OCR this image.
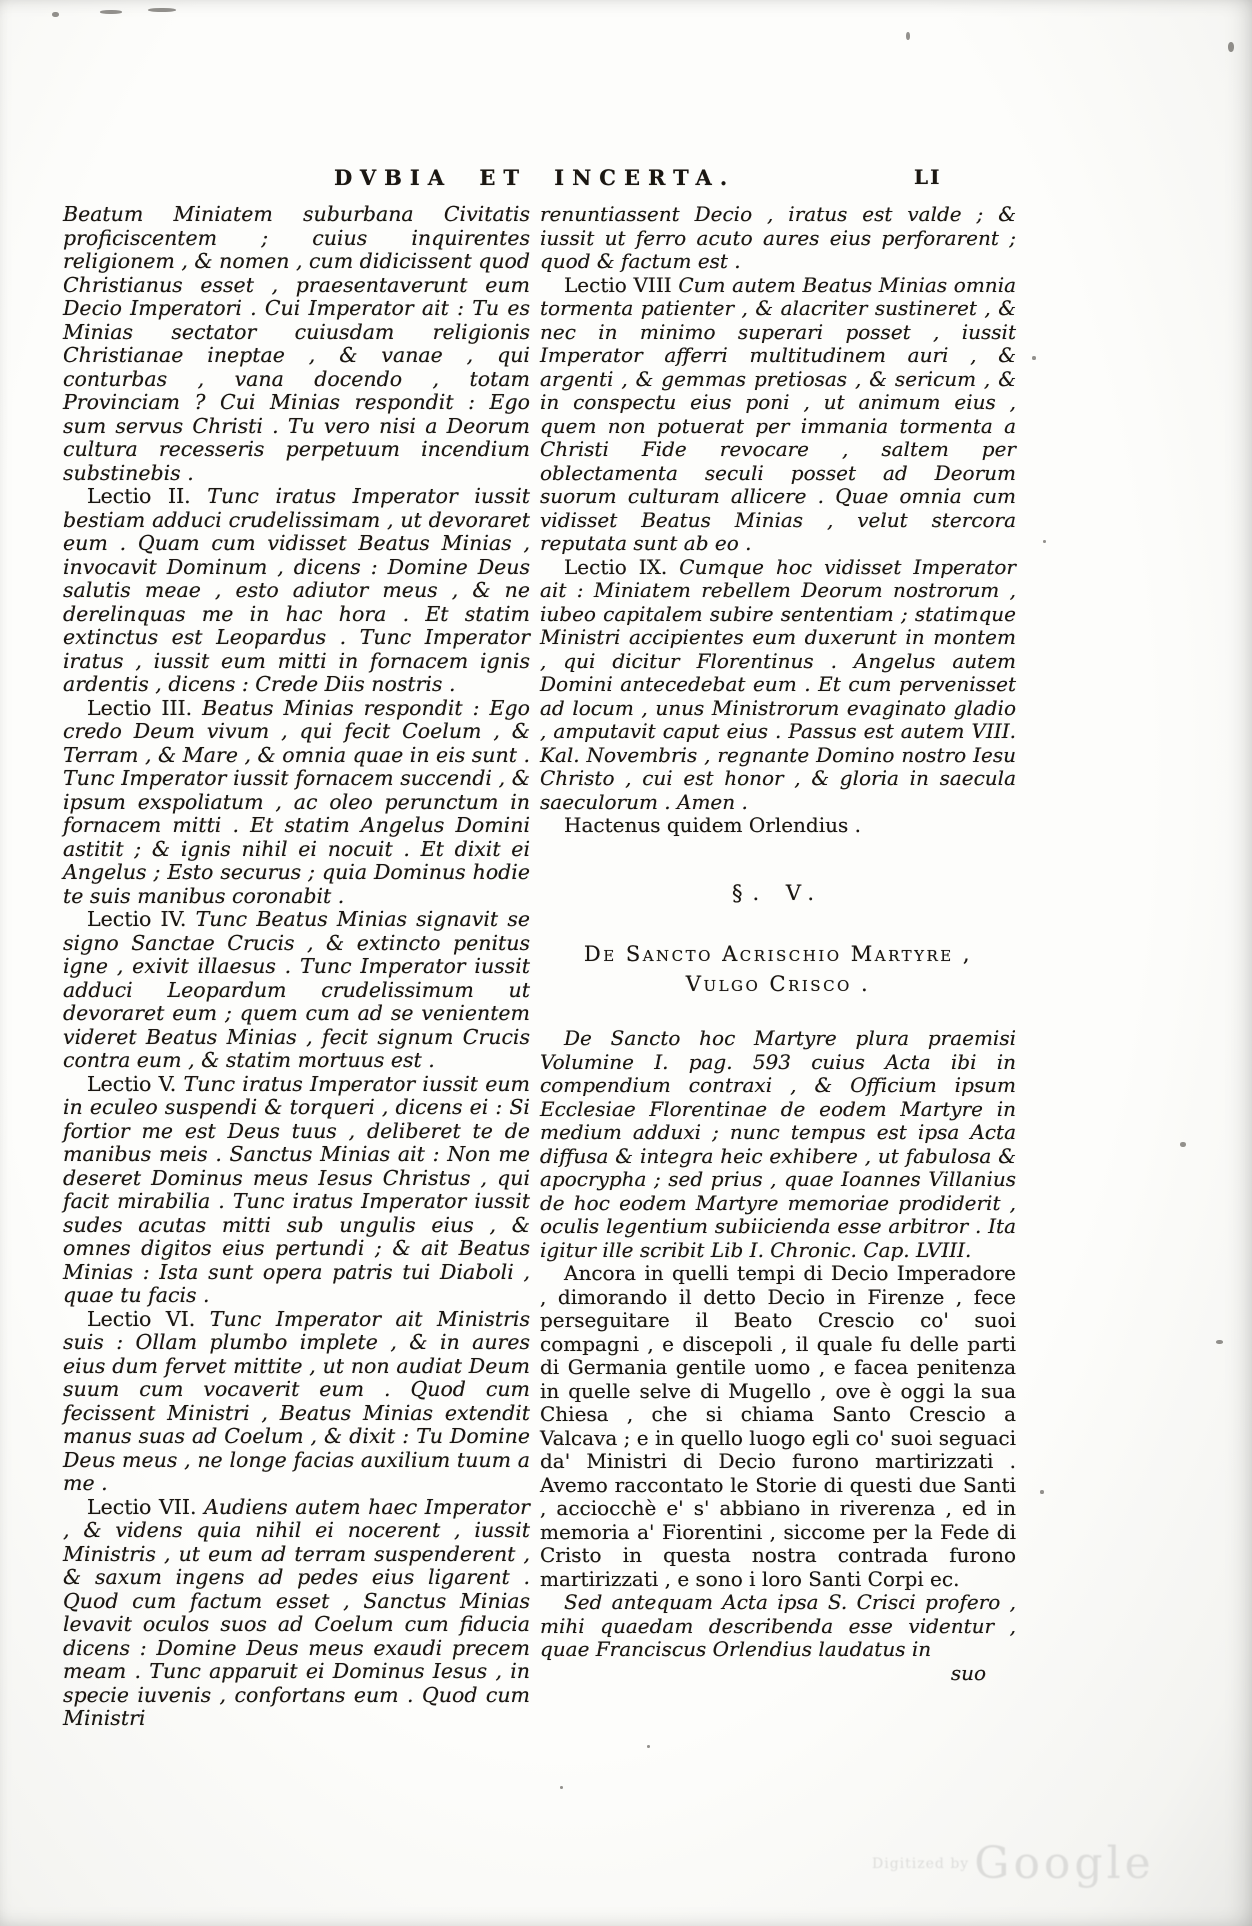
DVBIA ET INCERTA.	LI

Beatum Miniatem suburbana Civitatis proficiscentem ; cuius inquirentes religionem , & nomen , cum didicissent quod Christianus esset , praesentaverunt eum Decio Imperatori . Cui Imperator ait : Tu es Minias sectator cuiusdam religionis Christianae ineptae , & vanae , qui conturbas , vana docendo , totam Provinciam ? Cui Minias respondit : Ego sum servus Christi . Tu vero nisi a Deorum cultura recesseris perpetuum incendium substinebis .

Lectio II. Tunc iratus Imperator iussit bestiam adduci crudelissimam , ut devoraret eum . Quam cum vidisset Beatus Minias , invocavit Dominum , dicens : Domine Deus salutis meae , esto adiutor meus , & ne derelinquas me in hac hora . Et statim extinctus est Leopardus . Tunc Imperator iratus , iussit eum mitti in fornacem ignis ardentis , dicens : Crede Diis nostris .

Lectio III. Beatus Minias respondit : Ego credo Deum vivum , qui fecit Coelum , & Terram , & Mare , & omnia quae in eis sunt . Tunc Imperator iussit fornacem succendi , & ipsum exspoliatum , ac oleo perunctum in fornacem mitti . Et statim Angelus Domini astitit ; & ignis nihil ei nocuit . Et dixit ei Angelus ; Esto securus ; quia Dominus hodie te suis manibus coronabit .

Lectio IV. Tunc Beatus Minias signavit se signo Sanctae Crucis , & extincto penitus igne , exivit illaesus . Tunc Imperator iussit adduci Leopardum crudelissimum ut devoraret eum ; quem cum ad se venientem videret Beatus Minias , fecit signum Crucis contra eum , & statim mortuus est .

Lectio V. Tunc iratus Imperator iussit eum in eculeo suspendi & torqueri , dicens ei : Si fortior me est Deus tuus , deliberet te de manibus meis . Sanctus Minias ait : Non me deseret Dominus meus Iesus Christus , qui facit mirabilia . Tunc iratus Imperator iussit sudes acutas mitti sub ungulis eius , & omnes digitos eius pertundi ; & ait Beatus Minias : Ista sunt opera patris tui Diaboli , quae tu facis .

Lectio VI. Tunc Imperator ait Ministris suis : Ollam plumbo implete , & in aures eius dum fervet mittite , ut non audiat Deum suum cum vocaverit eum . Quod cum fecissent Ministri , Beatus Minias extendit manus suas ad Coelum , & dixit : Tu Domine Deus meus , ne longe facias auxilium tuum a me .

Lectio VII. Audiens autem haec Imperator , & videns quia nihil ei nocerent , iussit Ministris , ut eum ad terram suspenderent , & saxum ingens ad pedes eius ligarent . Quod cum factum esset , Sanctus Minias levavit oculos suos ad Coelum cum fiducia dicens : Domine Deus meus exaudi precem meam . Tunc apparuit ei Dominus Iesus , in specie iuvenis , confortans eum . Quod cum Ministri

renuntiassent Decio , iratus est valde ; & iussit ut ferro acuto aures eius perforarent ; quod & factum est .

Lectio VIII Cum autem Beatus Minias omnia tormenta patienter , & alacriter sustineret , & nec in minimo superari posset , iussit Imperator afferri multitudinem auri , & argenti , & gemmas pretiosas , & sericum , & in conspectu eius poni , ut animum eius , quem non potuerat per immania tormenta a Christi Fide revocare , saltem per oblectamenta seculi posset ad Deorum suorum culturam allicere . Quae omnia cum vidisset Beatus Minias , velut stercora reputata sunt ab eo .

Lectio IX. Cumque hoc vidisset Imperator ait : Miniatem rebellem Deorum nostrorum , iubeo capitalem subire sententiam ; statimque Ministri accipientes eum duxerunt in montem , qui dicitur Florentinus . Angelus autem Domini antecedebat eum . Et cum pervenisset ad locum , unus Ministrorum evaginato gladio , amputavit caput eius . Passus est autem VIII. Kal. Novembris , regnante Domino nostro Iesu Christo , cui est honor , & gloria in saecula saeculorum . Amen .

Hactenus quidem Orlendius .

§. V.

De Sancto Acrischio Martyre ,

Vulgo Crisco .

De Sancto hoc Martyre plura praemisi Volumine I. pag. 593 cuius Acta ibi in compendium contraxi , & Officium ipsum Ecclesiae Florentinae de eodem Martyre in medium adduxi ; nunc tempus est ipsa Acta diffusa & integra heic exhibere , ut fabulosa & apocrypha ; sed prius , quae Ioannes Villanius de hoc eodem Martyre memoriae prodiderit , oculis legentium subiicienda esse arbitror . Ita igitur ille scribit Lib I. Chronic. Cap. LVIII.

Ancora in quelli tempi di Decio Imperadore , dimorando il detto Decio in Firenze , fece perseguitare il Beato Crescio co' suoi compagni , e discepoli , il quale fu delle parti di Germania gentile uomo , e facea penitenza in quelle selve di Mugello , ove è oggi la sua Chiesa , che si chiama Santo Crescio a Valcava ; e in quello luogo egli co' suoi seguaci da' Ministri di Decio furono martirizzati . Avemo raccontato le Storie di questi due Santi , acciocchè e' s' abbiano in riverenza , ed in memoria a' Fiorentini , siccome per la Fede di Cristo in questa nostra contrada furono martirizzati , e sono i loro Santi Corpi ec.

Sed antequam Acta ipsa S. Crisci profero , mihi quaedam describenda esse videntur , quae Franciscus Orlendius laudatus in

suo

Digitized by Google
